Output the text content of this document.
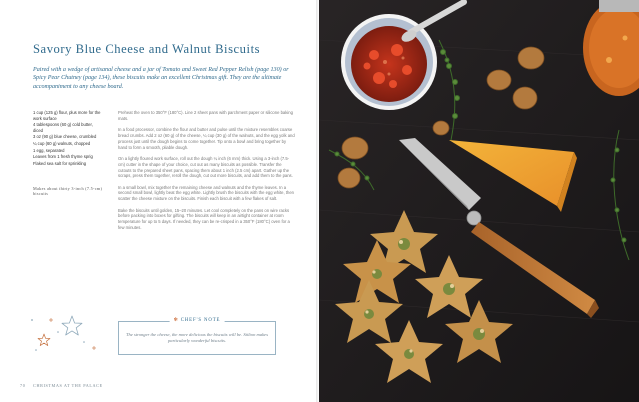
Savory Blue Cheese and Walnut Biscuits

Paired with a wedge of artisanal cheese and a jar of Tomato and Sweet Red Pepper Relish (page 130) or Spicy Pear Chutney (page 134), these biscuits make an excellent Christmas gift. They are the ultimate accompaniment to any cheese board.

1 cup (125 g) flour, plus more for the work surface
4 tablespoons (60 g) cold butter, diced
3 oz (90 g) blue cheese, crumbled
¼ cup (60 g) walnuts, chopped
1 egg, separated
Leaves from 1 fresh thyme sprig
Flaked sea salt for sprinkling
Makes about thirty 3-inch (7.5-cm) biscuits

Preheat the oven to 350°F (180°C). Line 2 sheet pans with parchment paper or silicone baking mats.

In a food processor, combine the flour and butter and pulse until the mixture resembles coarse bread crumbs. Add 2 oz (60 g) of the cheese, ¼ cup (30 g) of the walnuts, and the egg yolk and process just until the dough begins to come together. Tip onto a bowl and bring together by hand to form a smooth, pliable dough.

On a lightly floured work surface, roll out the dough ¼ inch (6 mm) thick. Using a 3-inch (7.5-cm) cutter in the shape of your choice, cut out as many biscuits as possible. Transfer the cutouts to the prepared sheet pans, spacing them about 1 inch (2.5 cm) apart. Gather up the scraps, press them together, reroll the dough, cut out more biscuits, and add them to the pans.

In a small bowl, mix together the remaining cheese and walnuts and the thyme leaves. In a second small bowl, lightly beat the egg white. Lightly brush the biscuits with the egg white, then scatter the cheese mixture on the biscuits. Finish each biscuit with a few flakes of salt.

Bake the biscuits until golden, 15–20 minutes. Let cool completely on the pans on wire racks before packing into boxes for gifting. The biscuits will keep in an airtight container at room temperature for up to 5 days. If needed, they can be re-crisped in a 350°F (180°C) oven for a few minutes.

✻ CHEF'S NOTE
The stronger the cheese, the more delicious the biscuits will be. Stilton makes particularly wonderful biscuits.
70 CHRISTMAS AT THE PALACE
